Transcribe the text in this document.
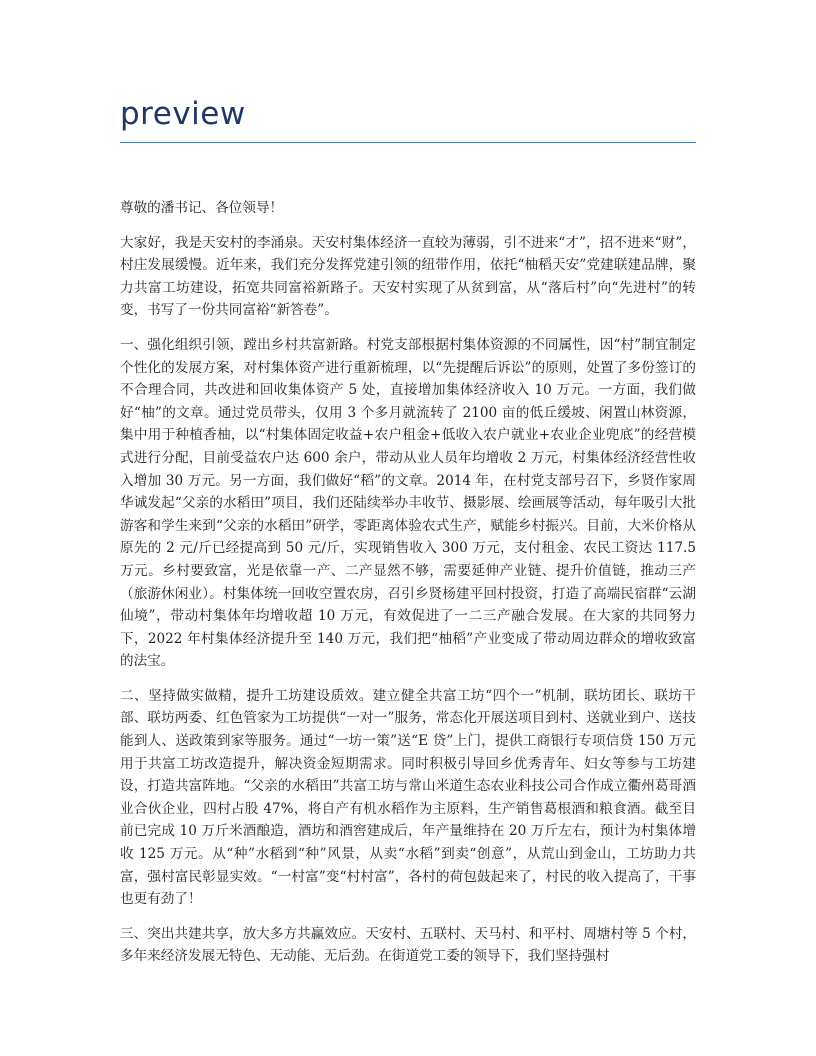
preview

尊敬的潘书记、各位领导！

大家好，我是天安村的李涌泉。天安村集体经济一直较为薄弱，引不进来“才”，招不进来“财”，村庄发展缓慢。近年来，我们充分发挥党建引领的纽带作用，依托“柚稻天安”党建联建品牌，聚力共富工坊建设，拓宽共同富裕新路子。天安村实现了从贫到富，从“落后村”向“先进村”的转变，书写了一份共同富裕“新答卷”。

一、强化组织引领，蹚出乡村共富新路。村党支部根据村集体资源的不同属性，因“村”制宜制定个性化的发展方案，对村集体资产进行重新梳理，以“先提醒后诉讼”的原则，处置了多份签订的不合理合同，共改进和回收集体资产 5 处，直接增加集体经济收入 10 万元。一方面，我们做好“柚”的文章。通过党员带头，仅用 3 个多月就流转了 2100 亩的低丘缓坡、闲置山林资源，集中用于种植香柚，以“村集体固定收益+农户租金+低收入农户就业+农业企业兜底”的经营模式进行分配，目前受益农户达 600 余户，带动从业人员年均增收 2 万元，村集体经济经营性收入增加 30 万元。另一方面，我们做好“稻”的文章。2014 年，在村党支部号召下，乡贤作家周华诚发起“父亲的水稻田”项目，我们还陆续举办丰收节、摄影展、绘画展等活动，每年吸引大批游客和学生来到“父亲的水稻田”研学，零距离体验农式生产，赋能乡村振兴。目前，大米价格从原先的 2 元/斤已经提高到 50 元/斤，实现销售收入 300 万元，支付租金、农民工资达 117.5 万元。乡村要致富，光是依靠一产、二产显然不够，需要延伸产业链、提升价值链，推动三产（旅游休闲业）。村集体统一回收空置农房，召引乡贤杨建平回村投资，打造了高端民宿群“云湖仙境”，带动村集体年均增收超 10 万元，有效促进了一二三产融合发展。在大家的共同努力下，2022 年村集体经济提升至 140 万元，我们把“柚稻”产业变成了带动周边群众的增收致富的法宝。

二、坚持做实做精，提升工坊建设质效。建立健全共富工坊“四个一”机制，联坊团长、联坊干部、联坊两委、红色管家为工坊提供“一对一”服务，常态化开展送项目到村、送就业到户、送技能到人、送政策到家等服务。通过“一坊一策”送“E 贷”上门，提供工商银行专项信贷 150 万元用于共富工坊改造提升，解决资金短期需求。同时积极引导回乡优秀青年、妇女等参与工坊建设，打造共富阵地。“父亲的水稻田”共富工坊与常山米道生态农业科技公司合作成立衢州葛哥酒业合伙企业，四村占股 47%，将自产有机水稻作为主原料，生产销售葛根酒和粮食酒。截至目前已完成 10 万斤米酒酿造，酒坊和酒窖建成后，年产量维持在 20 万斤左右，预计为村集体增收 125 万元。从“种”水稻到“种”风景，从卖“水稻”到卖“创意”，从荒山到金山，工坊助力共富，强村富民彰显实效。“一村富”变“村村富”，各村的荷包鼓起来了，村民的收入提高了，干事也更有劲了！

三、突出共建共享，放大多方共赢效应。天安村、五联村、天马村、和平村、周塘村等 5 个村，多年来经济发展无特色、无动能、无后劲。在街道党工委的领导下，我们坚持强村
